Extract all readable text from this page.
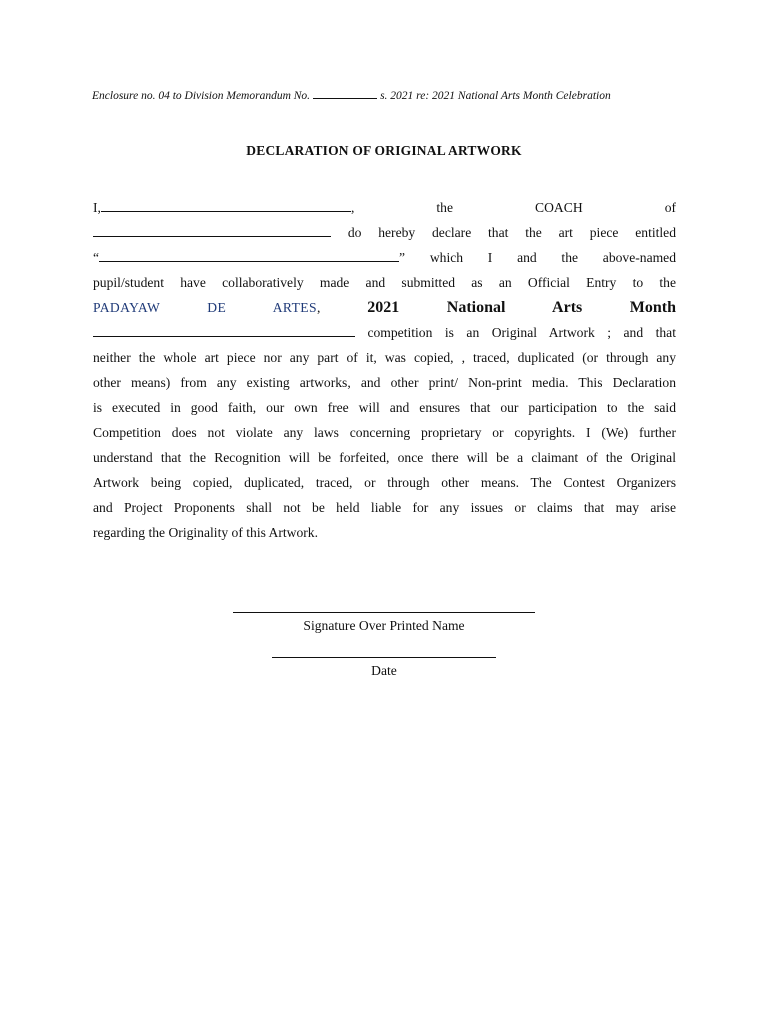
Enclosure no. 04 to Division Memorandum No.	s. 2021 re: 2021 National Arts Month Celebration
DECLARATION OF ORIGINAL ARTWORK
I,	,	the	COACH	of
do hereby declare that the art piece entitled
“	” which I and the above-named
pupil/student have collaboratively made and submitted as an Official Entry to the
PADAYAW DE ARTES,	2021 National Arts Month
competition is an Original Artwork ; and that
neither the whole art piece nor any part of it, was copied, , traced, duplicated (or through any
other means) from any existing artworks, and other print/ Non-print media. This Declaration
is executed in good faith, our own free will and ensures that our participation to the said
Competition does not violate any laws concerning proprietary or copyrights. I (We) further
understand that the Recognition will be forfeited, once there will be a claimant of the Original
Artwork being copied, duplicated, traced, or through other means. The Contest Organizers
and Project Proponents shall not be held liable for any issues or claims that may arise
regarding the Originality of this Artwork.
Signature Over Printed Name
Date
